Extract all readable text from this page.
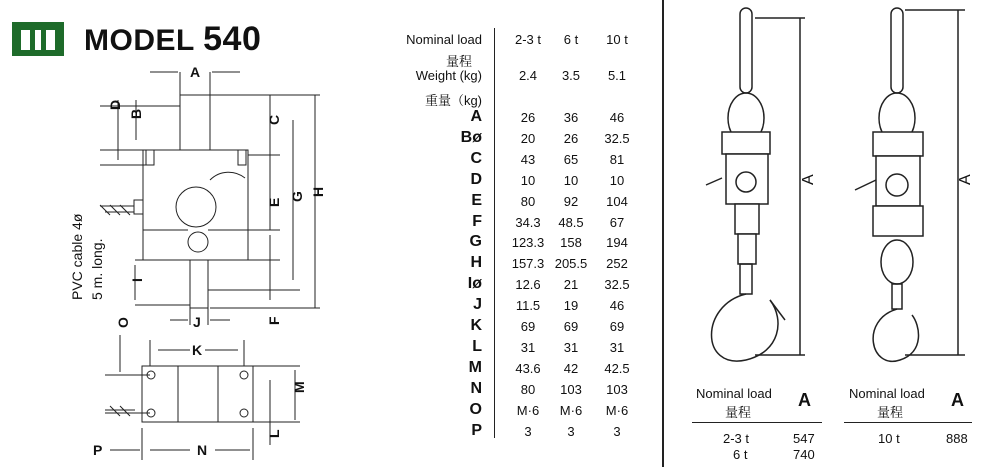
MODEL 540
A
D
B
C
E
G H
I
J	F
O
K
M
L
P	N
PVC cable 4ø 5 m. long.
Nominal load
量程
Weight (kg)
重量（kg)
2-3 t	6 t	10 t
2.4	3.5	5.1
A	26	36	46
Bø	20	26	32.5
C	43	65	81
D	10	10	10
E	80	92	104
F	34.3	48.5	67
G 123.3	158	194
H 157.3 205.5	252
Iø	12.6	21	32.5
J	11.5	19	46
K	69	69	69
L	31	31	31
M	43.6	42	42.5
N	80	103	103
O	M·6	M·6	M·6
P	3	3	3
A	A
Nominal load
量程
A
2-3 t	547
6 t	740
Nominal load
量程
A
10 t	888
